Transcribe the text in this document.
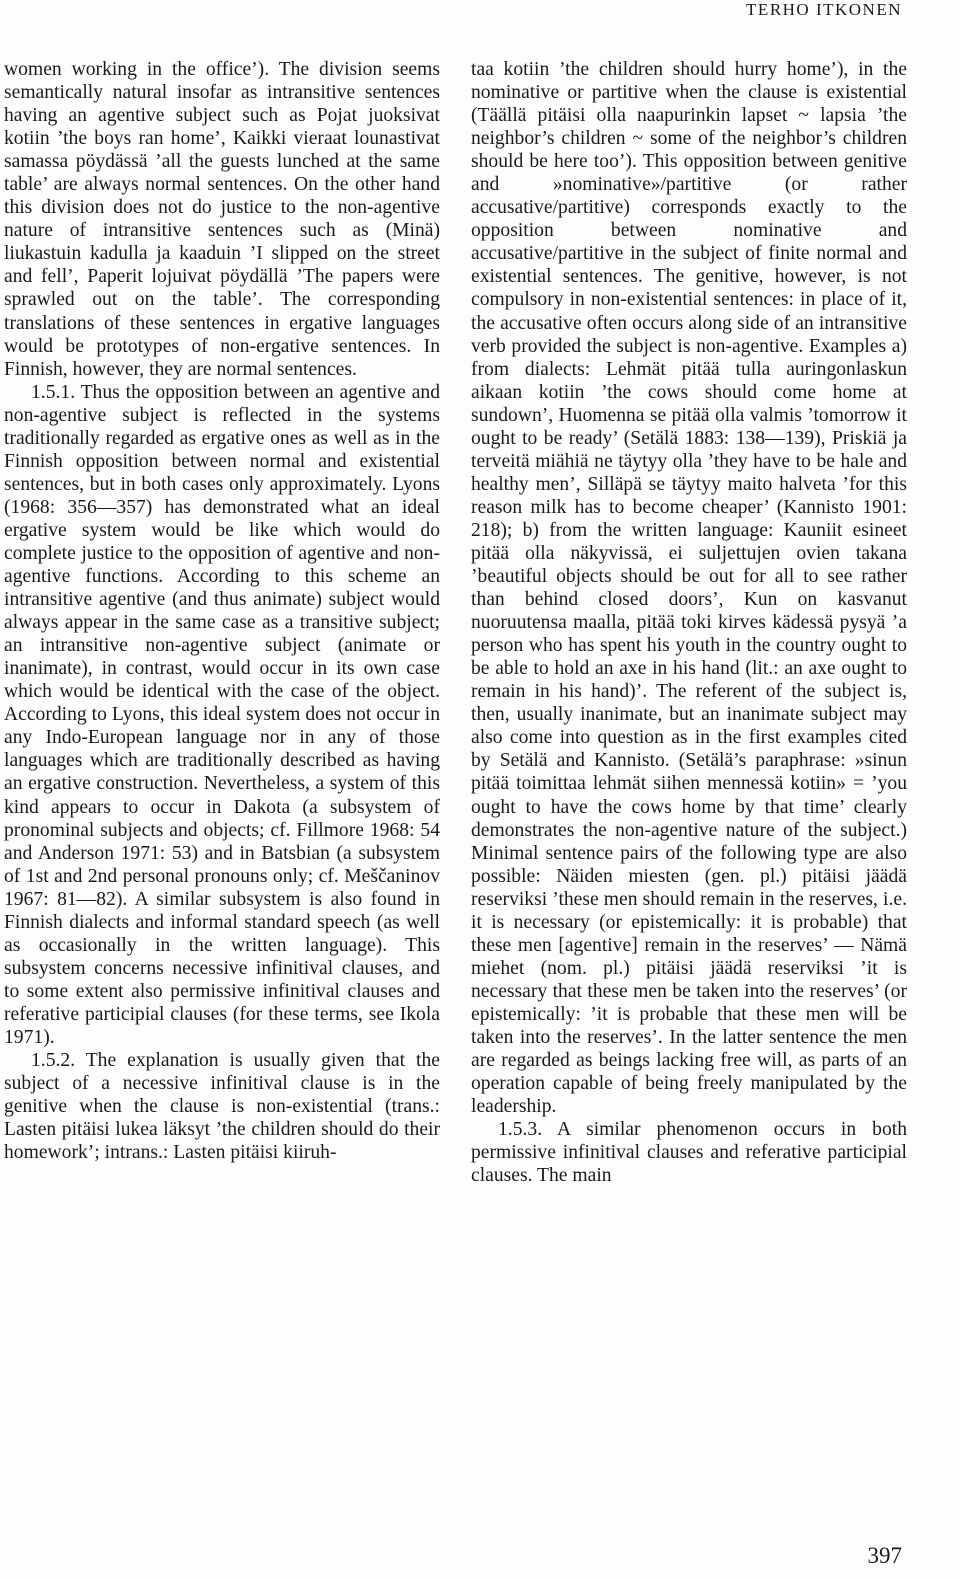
TERHO ITKONEN

women working in the office’). The division seems semantically natural insofar as intransitive sentences having an agentive subject such as Pojat juoksivat kotiin ’the boys ran home’, Kaikki vieraat lounastivat samassa pöydässä ’all the guests lunched at the same table’ are always normal sentences. On the other hand this division does not do justice to the non-agentive nature of intransitive sentences such as (Minä) liukastuin kadulla ja kaaduin ’I slipped on the street and fell’, Paperit lojuivat pöydällä ’The papers were sprawled out on the table’. The corresponding translations of these sentences in ergative languages would be prototypes of non-ergative sentences. In Finnish, however, they are normal sentences.

1.5.1. Thus the opposition between an agentive and non-agentive subject is reflected in the systems traditionally regarded as ergative ones as well as in the Finnish opposition between normal and existential sentences, but in both cases only approximately. Lyons (1968: 356—357) has demonstrated what an ideal ergative system would be like which would do complete justice to the opposition of agentive and non-agentive functions. According to this scheme an intransitive agentive (and thus animate) subject would always appear in the same case as a transitive subject; an intransitive non-agentive subject (animate or inanimate), in contrast, would occur in its own case which would be identical with the case of the object. According to Lyons, this ideal system does not occur in any Indo-European language nor in any of those languages which are traditionally described as having an ergative construction. Nevertheless, a system of this kind appears to occur in Dakota (a subsystem of pronominal subjects and objects; cf. Fillmore 1968: 54 and Anderson 1971: 53) and in Batsbian (a subsystem of 1st and 2nd personal pronouns only; cf. Meščaninov 1967: 81—82). A similar subsystem is also found in Finnish dialects and informal standard speech (as well as occasionally in the written language). This subsystem concerns necessive infinitival clauses, and to some extent also permissive infinitival clauses and referative participial clauses (for these terms, see Ikola 1971).

1.5.2. The explanation is usually given that the subject of a necessive infinitival clause is in the genitive when the clause is non-existential (trans.: Lasten pitäisi lukea läksyt ’the children should do their homework’; intrans.: Lasten pitäisi kiiruh-

taa kotiin ’the children should hurry home’), in the nominative or partitive when the clause is existential (Täällä pitäisi olla naapurinkin lapset ~ lapsia ’the neighbor’s children ~ some of the neighbor’s children should be here too’). This opposition between genitive and »nominative»/partitive (or rather accusative/partitive) corresponds exactly to the opposition between nominative and accusative/partitive in the subject of finite normal and existential sentences. The genitive, however, is not compulsory in non-existential sentences: in place of it, the accusative often occurs along side of an intransitive verb provided the subject is non-agentive. Examples a) from dialects: Lehmät pitää tulla auringonlaskun aikaan kotiin ’the cows should come home at sundown’, Huomenna se pitää olla valmis ’tomorrow it ought to be ready’ (Setälä 1883: 138—139), Priskiä ja terveitä miähiä ne täytyy olla ’they have to be hale and healthy men’, Silläpä se täytyy maito halveta ’for this reason milk has to become cheaper’ (Kannisto 1901: 218); b) from the written language: Kauniit esineet pitää olla näkyvissä, ei suljettujen ovien takana ’beautiful objects should be out for all to see rather than behind closed doors’, Kun on kasvanut nuoruutensa maalla, pitää toki kirves kädessä pysyä ’a person who has spent his youth in the country ought to be able to hold an axe in his hand (lit.: an axe ought to remain in his hand)’. The referent of the subject is, then, usually inanimate, but an inanimate subject may also come into question as in the first examples cited by Setälä and Kannisto. (Setälä’s paraphrase: »sinun pitää toimittaa lehmät siihen mennessä kotiin» = ’you ought to have the cows home by that time’ clearly demonstrates the non-agentive nature of the subject.) Minimal sentence pairs of the following type are also possible: Näiden miesten (gen. pl.) pitäisi jäädä reserviksi ’these men should remain in the reserves, i.e. it is necessary (or epistemically: it is probable) that these men [agentive] remain in the reserves’ — Nämä miehet (nom. pl.) pitäisi jäädä reserviksi ’it is necessary that these men be taken into the reserves’ (or epistemically: ’it is probable that these men will be taken into the reserves’. In the latter sentence the men are regarded as beings lacking free will, as parts of an operation capable of being freely manipulated by the leadership.

1.5.3. A similar phenomenon occurs in both permissive infinitival clauses and referative participial clauses. The main

397
